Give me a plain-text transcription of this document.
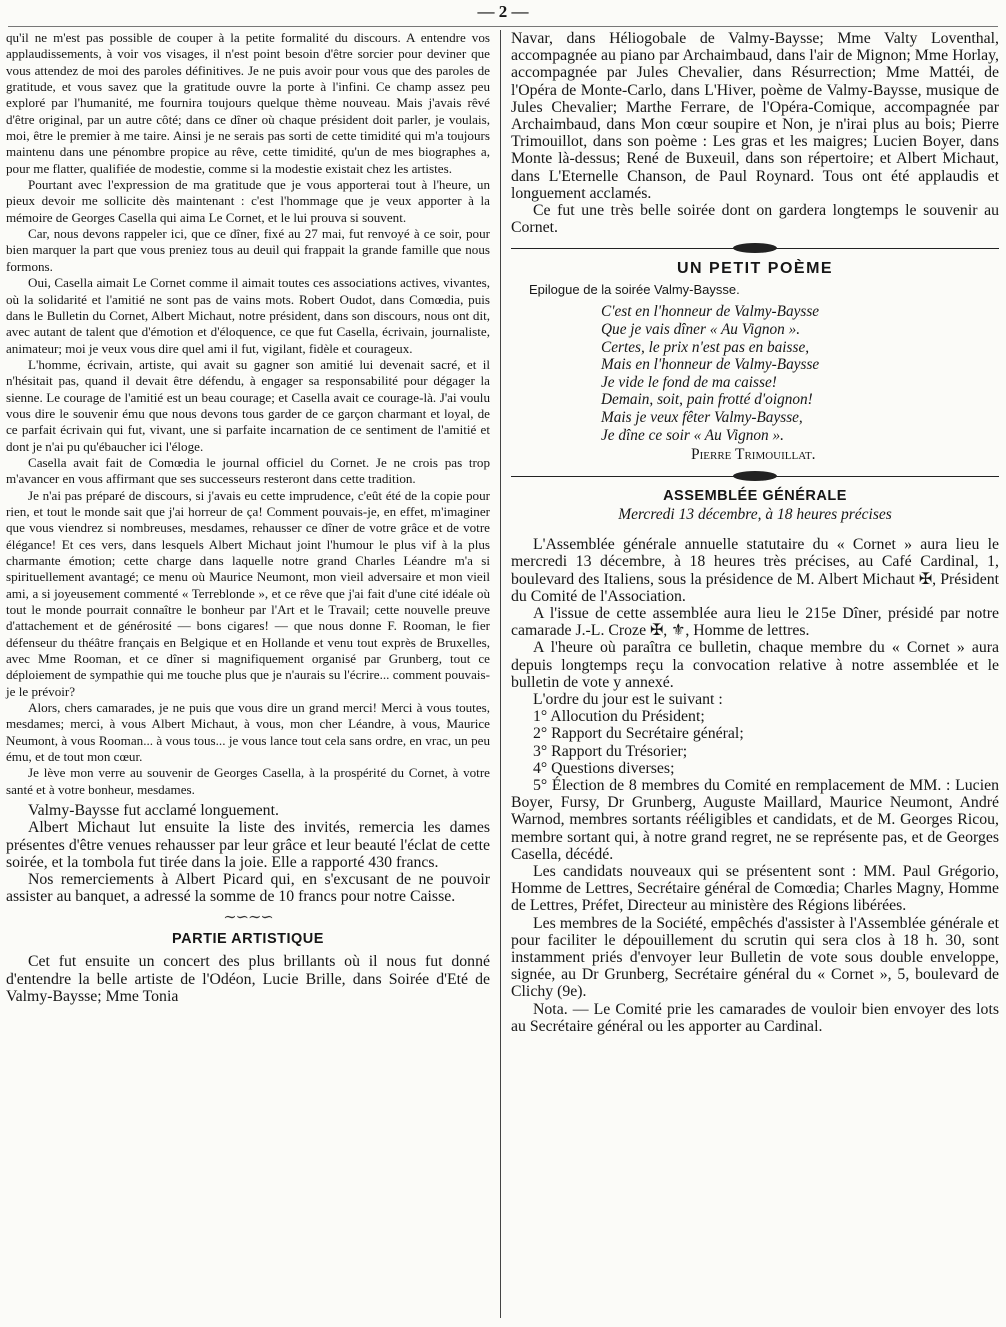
— 2 —

qu'il ne m'est pas possible de couper à la petite formalité du discours. A entendre vos applaudissements, à voir vos visages, il n'est point besoin d'être sorcier pour deviner que vous attendez de moi des paroles définitives. Je ne puis avoir pour vous que des paroles de gratitude, et vous savez que la gratitude ouvre la porte à l'infini. Ce champ assez peu exploré par l'humanité, me fournira toujours quelque thème nouveau. Mais j'avais rêvé d'être original, par un autre côté; dans ce dîner où chaque président doit parler, je voulais, moi, être le premier à me taire. Ainsi je ne serais pas sorti de cette timidité qui m'a toujours maintenu dans une pénombre propice au rêve, cette timidité, qu'un de mes biographes a, pour me flatter, qualifiée de modestie, comme si la modestie existait chez les artistes.

Pourtant avec l'expression de ma gratitude que je vous apporterai tout à l'heure, un pieux devoir me sollicite dès maintenant : c'est l'hommage que je veux apporter à la mémoire de Georges Casella qui aima Le Cornet, et le lui prouva si souvent.

Car, nous devons rappeler ici, que ce dîner, fixé au 27 mai, fut renvoyé à ce soir, pour bien marquer la part que vous preniez tous au deuil qui frappait la grande famille que nous formons.

Oui, Casella aimait Le Cornet comme il aimait toutes ces associations actives, vivantes, où la solidarité et l'amitié ne sont pas de vains mots. Robert Oudot, dans Comœdia, puis dans le Bulletin du Cornet, Albert Michaut, notre président, dans son discours, nous ont dit, avec autant de talent que d'émotion et d'éloquence, ce que fut Casella, écrivain, journaliste, animateur; moi je veux vous dire quel ami il fut, vigilant, fidèle et courageux.

L'homme, écrivain, artiste, qui avait su gagner son amitié lui devenait sacré, et il n'hésitait pas, quand il devait être défendu, à engager sa responsabilité pour dégager la sienne. Le courage de l'amitié est un beau courage; et Casella avait ce courage-là. J'ai voulu vous dire le souvenir ému que nous devons tous garder de ce garçon charmant et loyal, de ce parfait écrivain qui fut, vivant, une si parfaite incarnation de ce sentiment de l'amitié et dont je n'ai pu qu'ébaucher ici l'éloge.

Casella avait fait de Comœdia le journal officiel du Cornet. Je ne crois pas trop m'avancer en vous affirmant que ses successeurs resteront dans cette tradition.

Je n'ai pas préparé de discours, si j'avais eu cette imprudence, c'eût été de la copie pour rien, et tout le monde sait que j'ai horreur de ça! Comment pouvais-je, en effet, m'imaginer que vous viendrez si nombreuses, mesdames, rehausser ce dîner de votre grâce et de votre élégance! Et ces vers, dans lesquels Albert Michaut joint l'humour le plus vif à la plus charmante émotion; cette charge dans laquelle notre grand Charles Léandre m'a si spirituellement avantagé; ce menu où Maurice Neumont, mon vieil adversaire et mon vieil ami, a si joyeusement commenté « Terreblonde », et ce rêve que j'ai fait d'une cité idéale où tout le monde pourrait connaître le bonheur par l'Art et le Travail; cette nouvelle preuve d'attachement et de générosité — bons cigares! — que nous donne F. Rooman, le fier défenseur du théâtre français en Belgique et en Hollande et venu tout exprès de Bruxelles, avec Mme Rooman, et ce dîner si magnifiquement organisé par Grunberg, tout ce déploiement de sympathie qui me touche plus que je n'aurais su l'écrire... comment pouvais-je le prévoir?

Alors, chers camarades, je ne puis que vous dire un grand merci! Merci à vous toutes, mesdames; merci, à vous Albert Michaut, à vous, mon cher Léandre, à vous, Maurice Neumont, à vous Rooman... à vous tous... je vous lance tout cela sans ordre, en vrac, un peu ému, et de tout mon cœur.

Je lève mon verre au souvenir de Georges Casella, à la prospérité du Cornet, à votre santé et à votre bonheur, mesdames.

Valmy-Baysse fut acclamé longuement.

Albert Michaut lut ensuite la liste des invités, remercia les dames présentes d'être venues rehausser par leur grâce et leur beauté l'éclat de cette soirée, et la tombola fut tirée dans la joie. Elle a rapporté 430 francs.

Nos remerciements à Albert Picard qui, en s'excusant de ne pouvoir assister au banquet, a adressé la somme de 10 francs pour notre Caisse.

∼∽∼∽
PARTIE ARTISTIQUE

Cet fut ensuite un concert des plus brillants où il nous fut donné d'entendre la belle artiste de l'Odéon, Lucie Brille, dans Soirée d'Eté de Valmy-Baysse; Mme Tonia

Navar, dans Héliogobale de Valmy-Baysse; Mme Valty Loventhal, accompagnée au piano par Archaimbaud, dans l'air de Mignon; Mme Horlay, accompagnée par Jules Chevalier, dans Résurrection; Mme Mattéi, de l'Opéra de Monte-Carlo, dans L'Hiver, poème de Valmy-Baysse, musique de Jules Chevalier; Marthe Ferrare, de l'Opéra-Comique, accompagnée par Archaimbaud, dans Mon cœur soupire et Non, je n'irai plus au bois; Pierre Trimouillot, dans son poème : Les gras et les maigres; Lucien Boyer, dans Monte là-dessus; René de Buxeuil, dans son répertoire; et Albert Michaut, dans L'Eternelle Chanson, de Paul Roynard. Tous ont été applaudis et longuement acclamés.

Ce fut une très belle soirée dont on gardera longtemps le souvenir au Cornet.

UN PETIT POÈME
Epilogue de la soirée Valmy-Baysse.
C'est en l'honneur de Valmy-Baysse
Que je vais dîner « Au Vignon ».
Certes, le prix n'est pas en baisse,
Mais en l'honneur de Valmy-Baysse
Je vide le fond de ma caisse!
Demain, soit, pain frotté d'oignon!
Mais je veux fêter Valmy-Baysse,
Je dîne ce soir « Au Vignon ».
Pierre Trimouillat.
ASSEMBLÉE GÉNÉRALE
Mercredi 13 décembre, à 18 heures précises

L'Assemblée générale annuelle statutaire du « Cornet » aura lieu le mercredi 13 décembre, à 18 heures très précises, au Café Cardinal, 1, boulevard des Italiens, sous la présidence de M. Albert Michaut ✠, Président du Comité de l'Association.

A l'issue de cette assemblée aura lieu le 215e Dîner, présidé par notre camarade J.-L. Croze ✠, ⚜, Homme de lettres.

A l'heure où paraîtra ce bulletin, chaque membre du « Cornet » aura depuis longtemps reçu la convocation relative à notre assemblée et le bulletin de vote y annexé.

L'ordre du jour est le suivant :

1° Allocution du Président;

2° Rapport du Secrétaire général;

3° Rapport du Trésorier;

4° Questions diverses;

5° Élection de 8 membres du Comité en remplacement de MM. : Lucien Boyer, Fursy, Dr Grunberg, Auguste Maillard, Maurice Neumont, André Warnod, membres sortants rééligibles et candidats, et de M. Georges Ricou, membre sortant qui, à notre grand regret, ne se représente pas, et de Georges Casella, décédé.

Les candidats nouveaux qui se présentent sont : MM. Paul Grégorio, Homme de Lettres, Secrétaire général de Comœdia; Charles Magny, Homme de Lettres, Préfet, Directeur au ministère des Régions libérées.

Les membres de la Société, empêchés d'assister à l'Assemblée générale et pour faciliter le dépouillement du scrutin qui sera clos à 18 h. 30, sont instamment priés d'envoyer leur Bulletin de vote sous double enveloppe, signée, au Dr Grunberg, Secrétaire général du « Cornet », 5, boulevard de Clichy (9e).

Nota. — Le Comité prie les camarades de vouloir bien envoyer des lots au Secrétaire général ou les apporter au Cardinal.
